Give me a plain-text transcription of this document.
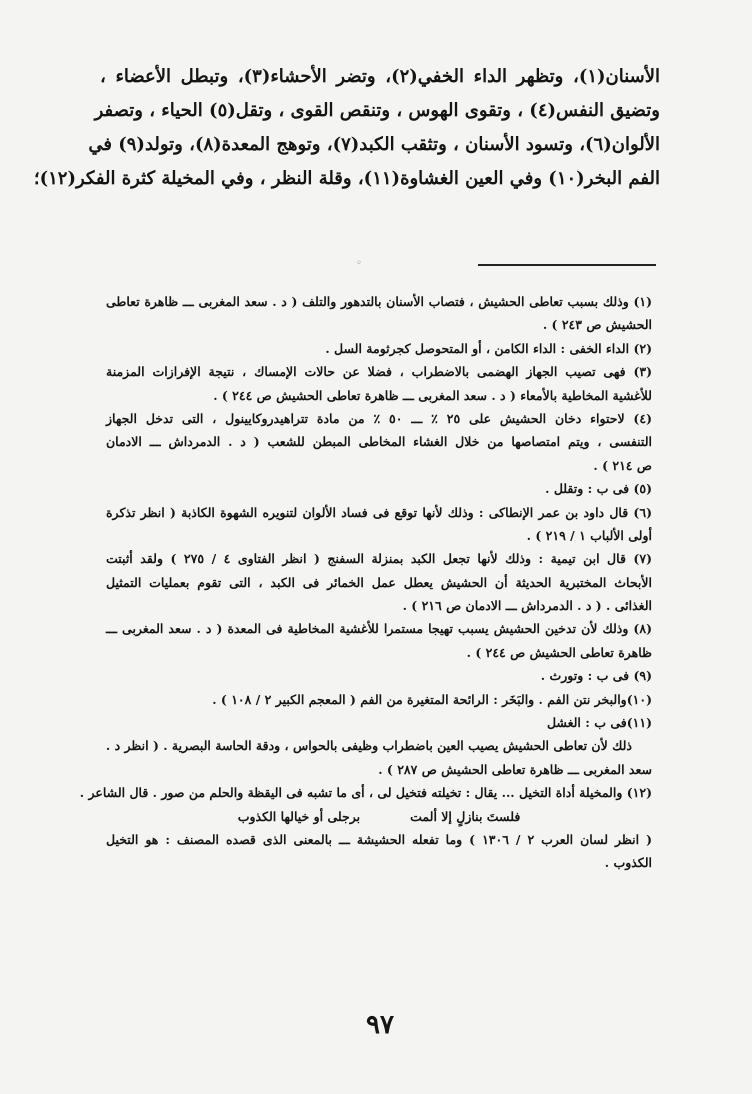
الأسنان(١)، وتظهر الداء الخفي(٢)، وتضر الأحشاء(٣)، وتبطل الأعضاء ،
وتضيق النفس(٤) ، وتقوى الهوس ، وتنقص القوى ، وتقل(٥) الحياء ، وتصفر
الألوان(٦)، وتسود الأسنان ، وتثقب الكبد(٧)، وتوهج المعدة(٨)، وتولد(٩) في
الفم البخر(١٠) وفي العين الغشاوة(١١)، وقلة النظر ، وفي المخيلة كثرة الفكر(١٢)؛
◦
(١) وذلك بسبب تعاطى الحشيش ، فتصاب الأسنان بالتدهور والتلف ( د . سعد المغربى ـــ ظاهرة تعاطى
الحشيش ص ٢٤٣ ) .
(٢) الداء الخفى : الداء الكامن ، أو المتحوصل كجرثومة السل .
(٣) فهى تصيب الجهاز الهضمى بالاضطراب ، فضلا عن حالات الإمساك ، نتيجة الإفرازات المزمنة
للأغشية المخاطية بالأمعاء ( د . سعد المغربى ـــ ظاهرة تعاطى الحشيش ص ٢٤٤ ) .
(٤) لاحتواء دخان الحشيش على ٢٥ ٪ ـــ ٥٠ ٪ من مادة تتراهيدروكايينول ، التى تدخل الجهاز
التنفسى ، ويتم امتصاصها من خلال الغشاء المخاطى المبطن للشعب ( د . الدمرداش ـــ الادمان
ص ٢١٤ ) .
(٥) فى ب : وتقلل .
(٦) قال داود بن عمر الإنطاكى : وذلك لأنها توقع فى فساد الألوان لتنويره الشهوة الكاذبة ( انظر تذكرة
أولى الألباب ١ / ٢١٩ ) .
(٧) قال ابن تيمية : وذلك لأنها تجعل الكبد بمنزلة السفنج ( انظر الفتاوى ٤ / ٢٧٥ ) ولقد أثبتت
الأبحاث المختبرية الحديثة أن الحشيش يعطل عمل الخمائر فى الكبد ، التى تقوم بعمليات التمثيل
الغذائى . ( د . الدمرداش ـــ الادمان ص ٢١٦ ) .
(٨) وذلك لأن تدخين الحشيش يسبب تهيجا مستمرا للأغشية المخاطية فى المعدة ( د . سعد المغربى ـــ
ظاهرة تعاطى الحشيش ص ٢٤٤ ) .
(٩) فى ب : وتورث .
(١٠)والبخر نتن الفم . والبَخَر : الرائحة المتغيرة من الفم ( المعجم الكبير ٢ / ١٠٨ ) .
(١١)فى ب : الغشل
ذلك لأن تعاطى الحشيش يصيب العين باضطراب وظيفى بالحواس ، ودقة الحاسة البصرية . ( انظر د .
سعد المغربى ـــ ظاهرة تعاطى الحشيش ص ٢٨٧ ) .
(١٢) والمخيلة أداة التخيل ... يقال : تخيلته فتخيل لى ، أى ما تشبه فى اليقظة والحلم من صور . قال الشاعر .
فلستَ بنازلٍ إلا ألمت
برجلى أو خيالها الكذوب
( انظر لسان العرب ٢ / ١٣٠٦ ) وما تفعله الحشيشة ـــ بالمعنى الذى قصده المصنف : هو التخيل
الكذوب .
٩٧
